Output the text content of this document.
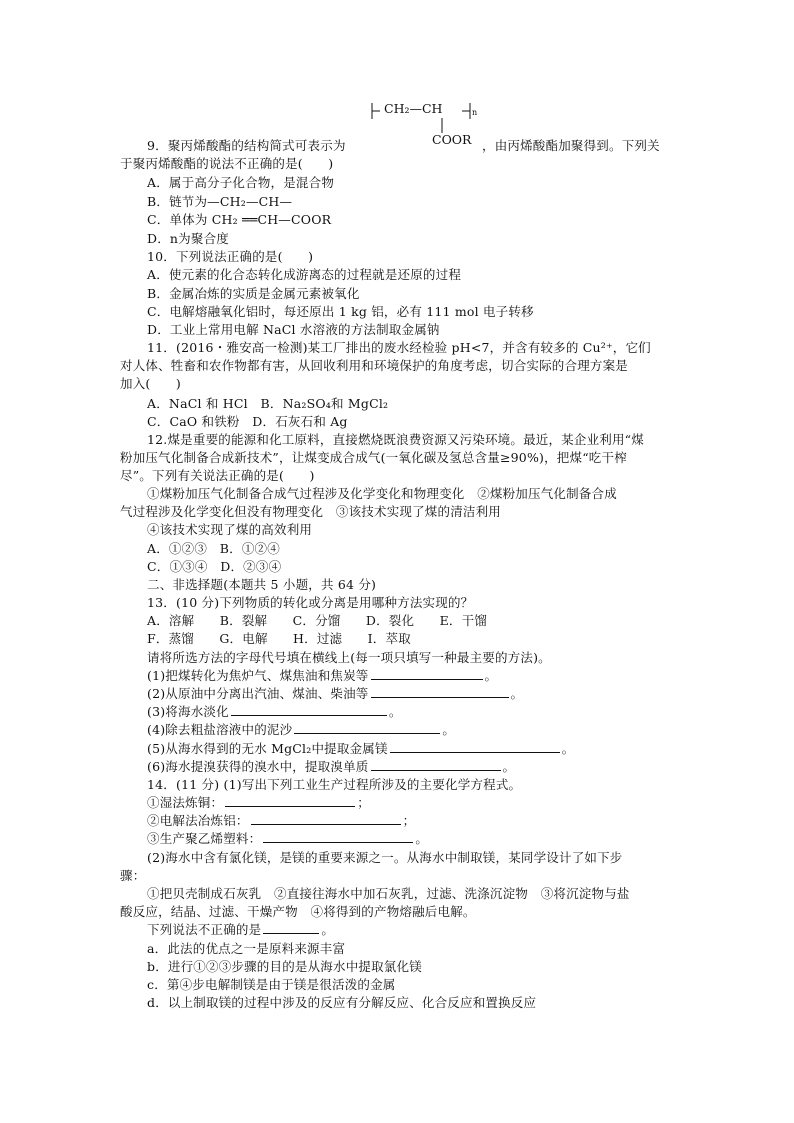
CH₂—CH	n
COOR
9．聚丙烯酸酯的结构简式可表示为	，由丙烯酸酯加聚得到。下列关
于聚丙烯酸酯的说法不正确的是(　　)
A．属于高分子化合物，是混合物
B．链节为—CH₂—CH—
C．单体为 CH₂ ══CH—COOR
D．n为聚合度
10．下列说法正确的是(　　)
A．使元素的化合态转化成游离态的过程就是还原的过程
B．金属冶炼的实质是金属元素被氧化
C．电解熔融氧化铝时，每还原出 1 kg 铝，必有 111 mol 电子转移
D．工业上常用电解 NaCl 水溶液的方法制取金属钠
11．(2016・雅安高一检测)某工厂排出的废水经检验 pH<7，并含有较多的 Cu²⁺，它们
对人体、牲畜和农作物都有害，从回收利用和环境保护的角度考虑，切合实际的合理方案是
加入(　　)
A．NaCl 和 HCl　B．Na₂SO₄和 MgCl₂
C．CaO 和铁粉　D．石灰石和 Ag
12.煤是重要的能源和化工原料，直接燃烧既浪费资源又污染环境。最近，某企业利用“煤
粉加压气化制备合成新技术”，让煤变成合成气(一氧化碳及氢总含量≥90%)，把煤“吃干榨
尽”。下列有关说法正确的是(　　)
①煤粉加压气化制备合成气过程涉及化学变化和物理变化　②煤粉加压气化制备合成
气过程涉及化学变化但没有物理变化　③该技术实现了煤的清洁利用
④该技术实现了煤的高效利用
A．①②③　B．①②④
C．①③④　D．②③④
二、非选择题(本题共 5 小题，共 64 分)
13．(10 分)下列物质的转化或分离是用哪种方法实现的？
A．溶解　　B．裂解　　C．分馏　　D．裂化　　E．干馏
F．蒸馏　　G．电解　　H．过滤　　I．萃取
请将所选方法的字母代号填在横线上(每一项只填写一种最主要的方法)。
(1)把煤转化为焦炉气、煤焦油和焦炭等	。
(2)从原油中分离出汽油、煤油、柴油等	。
(3)将海水淡化	。
(4)除去粗盐溶液中的泥沙	。
(5)从海水得到的无水 MgCl₂中提取金属镁	。
(6)海水提溴获得的溴水中，提取溴单质	。
14．(11 分) (1)写出下列工业生产过程所涉及的主要化学方程式。
①湿法炼铜：	；
②电解法冶炼铝：	；
③生产聚乙烯塑料：	。
(2)海水中含有氯化镁，是镁的重要来源之一。从海水中制取镁，某同学设计了如下步
骤：
①把贝壳制成石灰乳　②直接往海水中加石灰乳，过滤、洗涤沉淀物　③将沉淀物与盐
酸反应，结晶、过滤、干燥产物　④将得到的产物熔融后电解。
下列说法不正确的是	。
a．此法的优点之一是原料来源丰富
b．进行①②③步骤的目的是从海水中提取氯化镁
c．第④步电解制镁是由于镁是很活泼的金属
d．以上制取镁的过程中涉及的反应有分解反应、化合反应和置换反应
